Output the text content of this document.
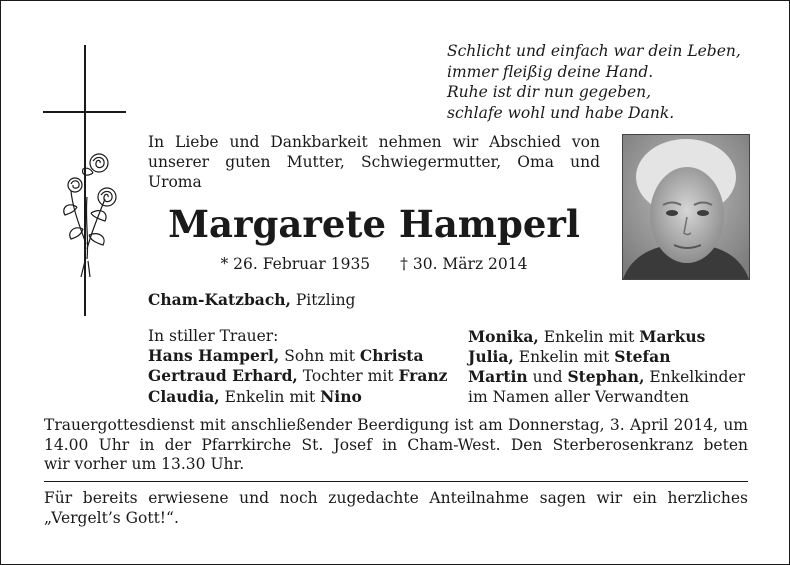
Schlicht und einfach war dein Leben,
immer fleißig deine Hand.
Ruhe ist dir nun gegeben,
schlafe wohl und habe Dank.

In Liebe und Dankbarkeit nehmen wir Abschied von unserer guten Mutter, Schwiegermutter, Oma und

Uroma

Margarete Hamperl
* 26. Februar 1935 † 30. März 2014
Cham-Katzbach, Pitzling
In stiller Trauer:
Hans Hamperl, Sohn mit Christa
Gertraud Erhard, Tochter mit Franz
Claudia, Enkelin mit Nino
Monika, Enkelin mit Markus
Julia, Enkelin mit Stefan
Martin und Stephan, Enkelkinder
im Namen aller Verwandten

Trauergottesdienst mit anschließender Beerdigung ist am Donnerstag, 3. April 2014, um 14.00 Uhr in der Pfarrkirche St. Josef in Cham-West. Den Sterberosenkranz beten

wir vorher um 13.30 Uhr.

Für bereits erwiesene und noch zugedachte Anteilnahme sagen wir ein herzliches „Vergelt’s Gott!“.
